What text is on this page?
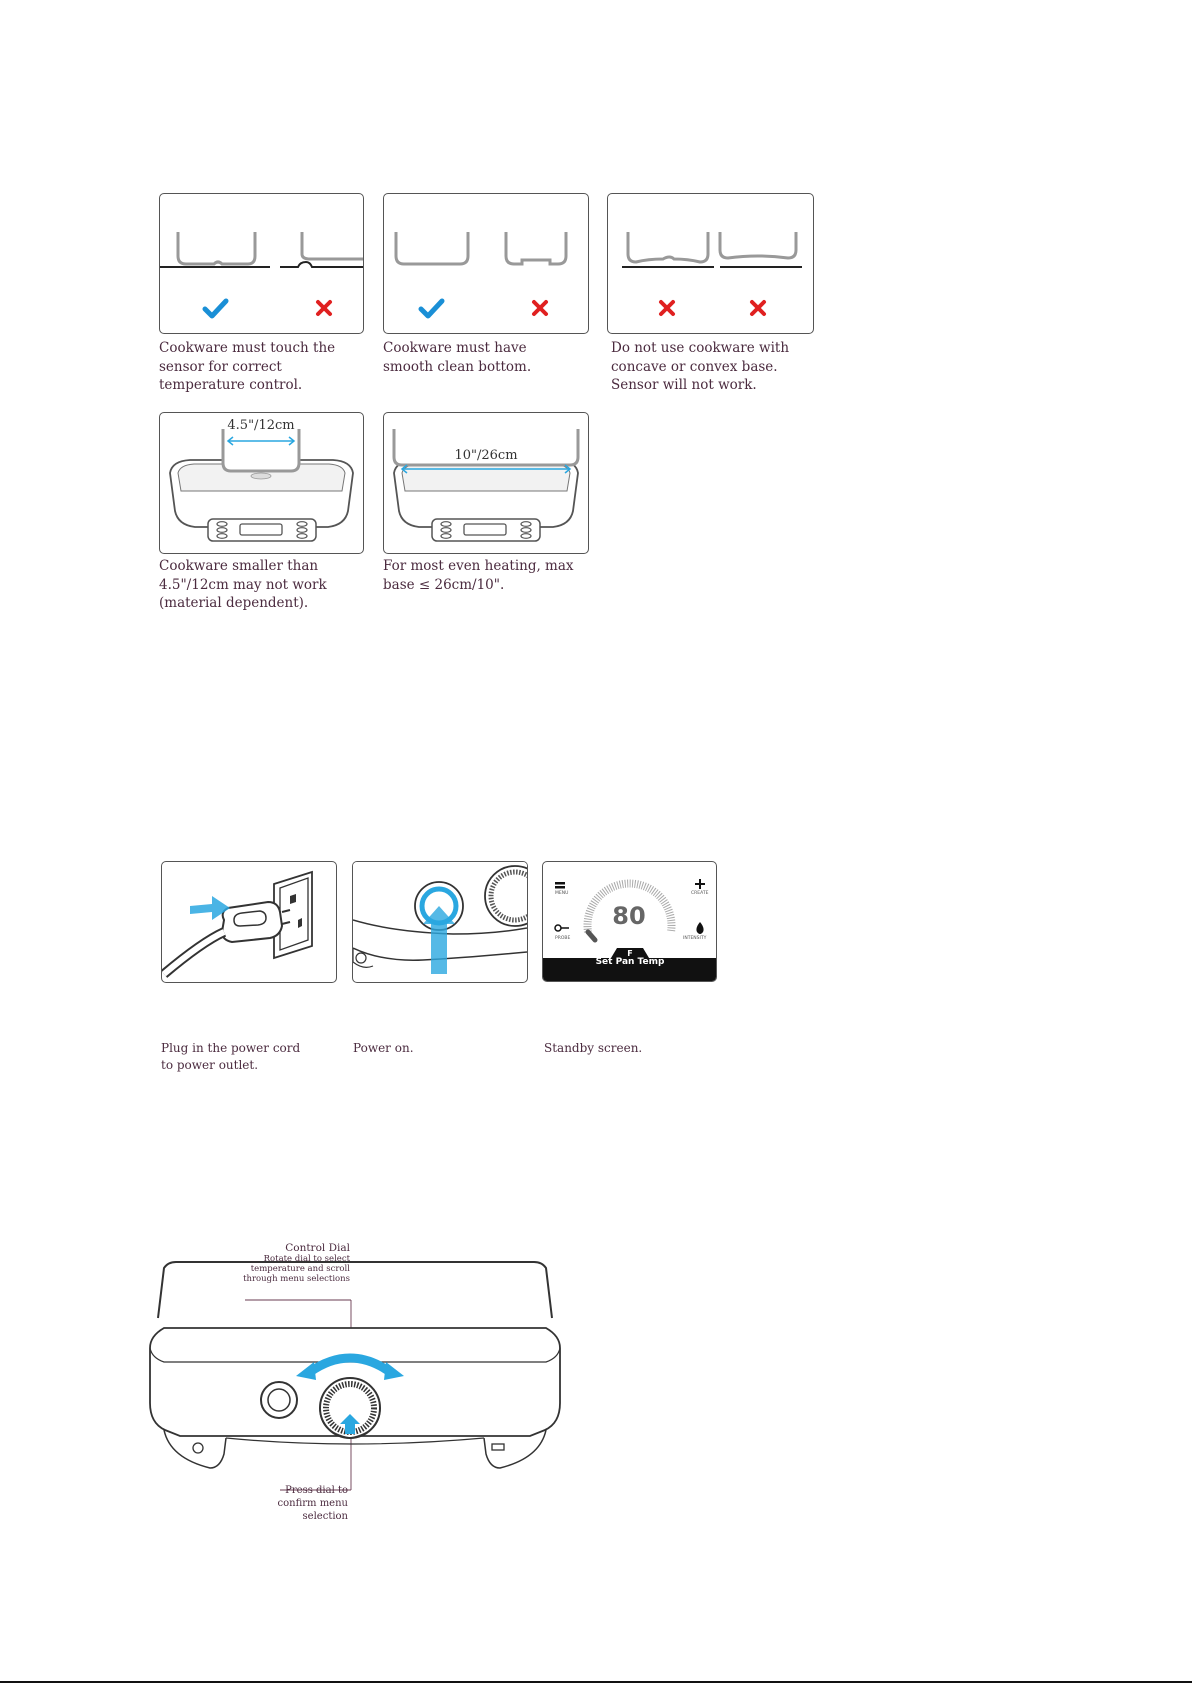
Cookware must touch the sensor for correct temperature control.
Cookware must have smooth clean bottom.
Do not use cookware with concave or convex base. Sensor will not work.
4.5"/12cm
Cookware smaller than 4.5"/12cm may not work (material dependent).
10"/26cm
For most even heating, max base ≤ 26cm/10".
Plug in the power cord to power outlet.
Power on.
80
F
Set Pan Temp
MENU	CREATE
PROBE	INTENSITY
Standby screen.
Control Dial
Rotate dial to select
temperature and scroll
through menu selections
Press dial to
confirm menu
selection
